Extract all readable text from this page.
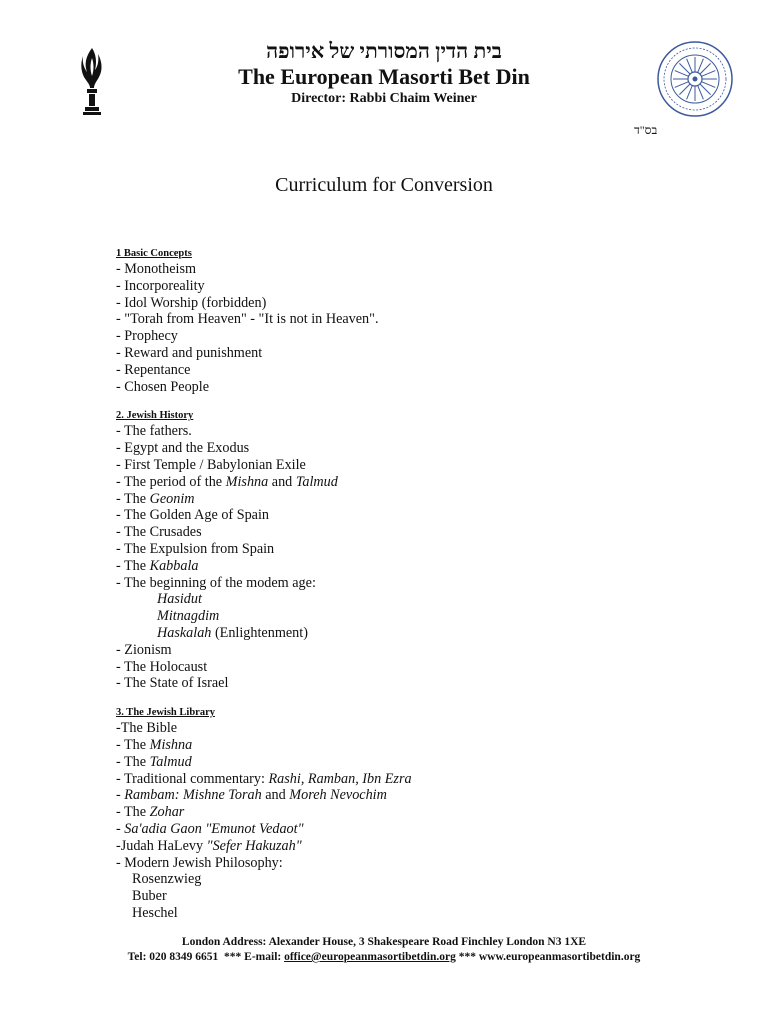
בית הדין המסורתי של אירופה
The European Masorti Bet Din
Director: Rabbi Chaim Weiner
בס"ד
Curriculum for Conversion
1 Basic Concepts
- Monotheism
- Incorporeality
- Idol Worship (forbidden)
- "Torah from Heaven" - "It is not in Heaven".
- Prophecy
- Reward and punishment
- Repentance
- Chosen People
2. Jewish History
- The fathers.
- Egypt and the Exodus
- First Temple / Babylonian Exile
- The period of the Mishna and Talmud
- The Geonim
- The Golden Age of Spain
- The Crusades
- The Expulsion from Spain
- The Kabbala
- The beginning of the modem age:
Hasidut
Mitnagdim
Haskalah (Enlightenment)
- Zionism
- The Holocaust
- The State of Israel
3. The Jewish Library
-The Bible
- The Mishna
- The Talmud
- Traditional commentary: Rashi, Ramban, Ibn Ezra
- Rambam: Mishne Torah and Moreh Nevochim
- The Zohar
- Sa'adia Gaon "Emunot Vedaot"
-Judah HaLevy "Sefer Hakuzah"
- Modern Jewish Philosophy:
Rosenzwieg
Buber
Heschel
London Address: Alexander House, 3 Shakespeare Road Finchley London N3 1XE
Tel: 020 8349 6651  *** E-mail: office@europeanmasortibetdin.org *** www.europeanmasortibetdin.org
